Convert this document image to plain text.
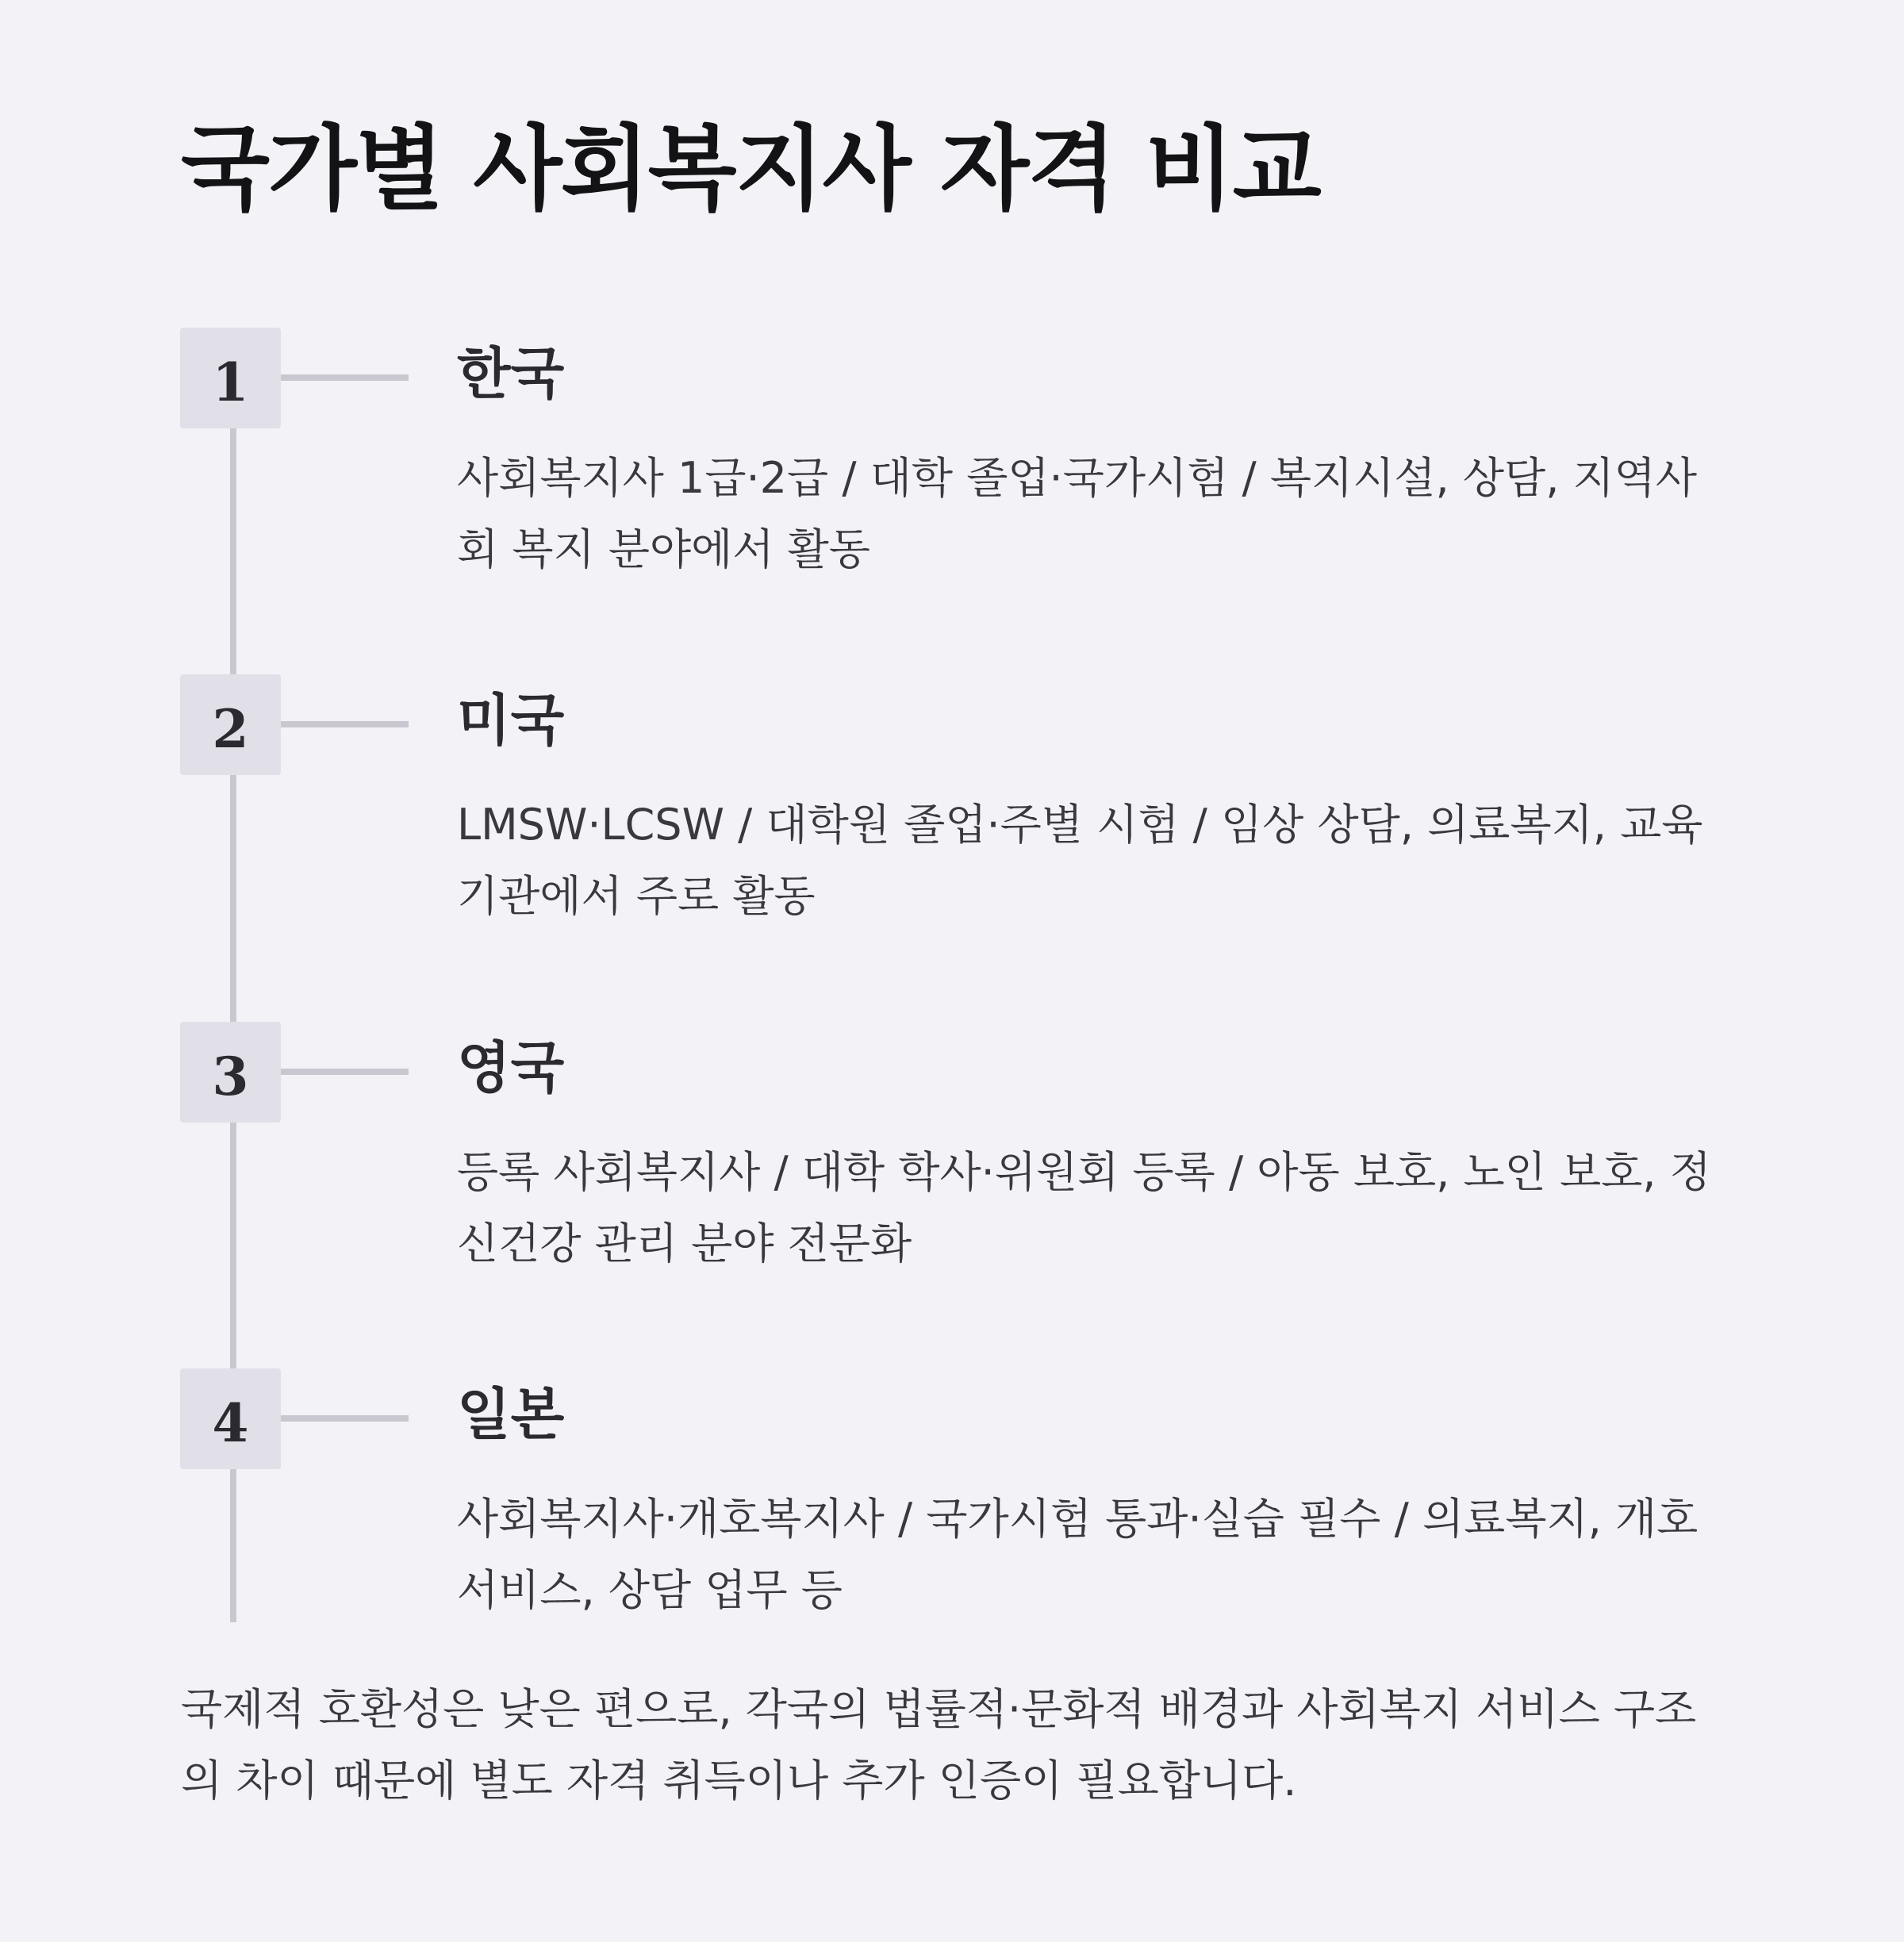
국가별 사회복지사 자격 비교
1	한국

사회복지사 1급·2급 / 대학 졸업·국가시험 / 복지시설, 상담, 지역사회 복지 분야에서 활동

2	미국

LMSW·LCSW / 대학원 졸업·주별 시험 / 임상 상담, 의료복지, 교육기관에서 주로 활동

3	영국

등록 사회복지사 / 대학 학사·위원회 등록 / 아동 보호, 노인 보호, 정신건강 관리 분야 전문화

4	일본

사회복지사·개호복지사 / 국가시험 통과·실습 필수 / 의료복지, 개호 서비스, 상담 업무 등

국제적 호환성은 낮은 편으로, 각국의 법률적·문화적 배경과 사회복지 서비스 구조의 차이 때문에 별도 자격 취득이나 추가 인증이 필요합니다.
